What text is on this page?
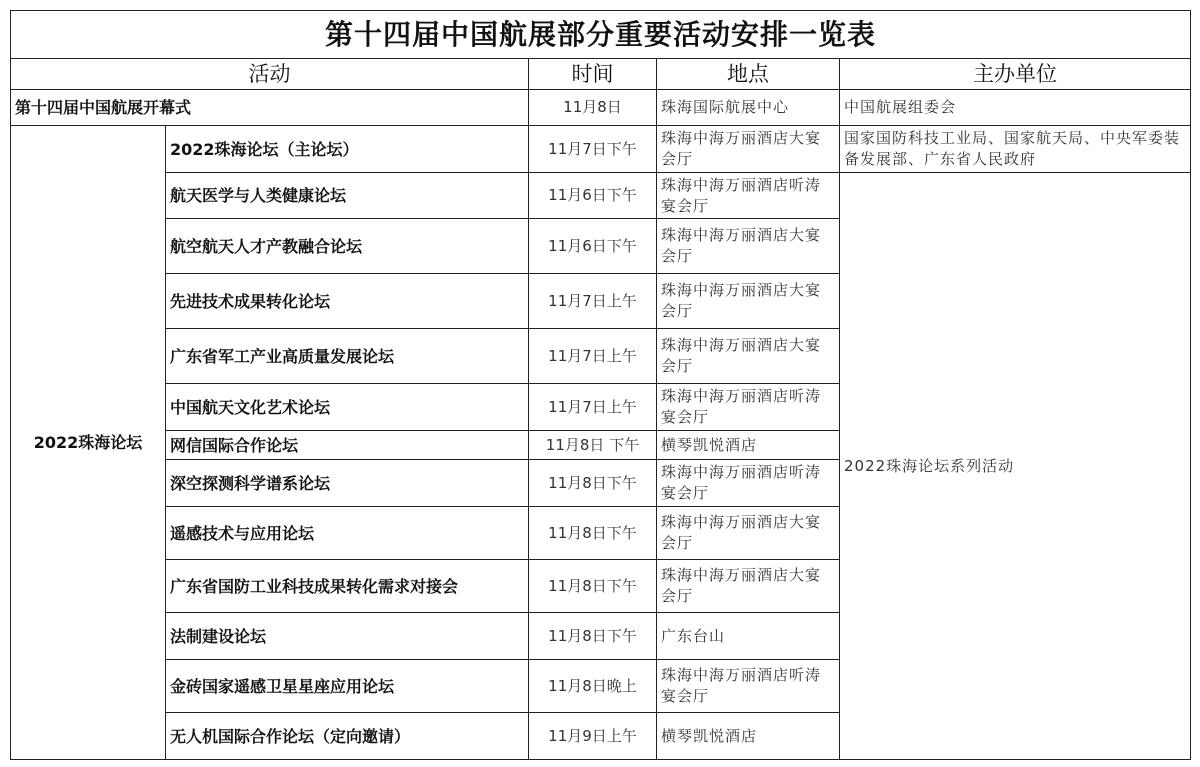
第十四届中国航展部分重要活动安排一览表				
活动		时间	地点	主办单位
第十四届中国航展开幕式		11月8日	珠海国际航展中心	中国航展组委会
2022珠海论坛	2022珠海论坛（主论坛）	11月7日下午	珠海中海万丽酒店大宴会厅	国家国防科技工业局、国家航天局、中央军委装备发展部、广东省人民政府
	航天医学与人类健康论坛	11月6日下午	珠海中海万丽酒店听涛宴会厅	2022珠海论坛系列活动
	航空航天人才产教融合论坛	11月6日下午	珠海中海万丽酒店大宴会厅	
	先进技术成果转化论坛	11月7日上午	珠海中海万丽酒店大宴会厅	
	广东省军工产业高质量发展论坛	11月7日上午	珠海中海万丽酒店大宴会厅	
	中国航天文化艺术论坛	11月7日上午	珠海中海万丽酒店听涛宴会厅	
	网信国际合作论坛	11月8日 下午	横琴凯悦酒店	
	深空探测科学谱系论坛	11月8日下午	珠海中海万丽酒店听涛宴会厅	
	遥感技术与应用论坛	11月8日下午	珠海中海万丽酒店大宴会厅	
	广东省国防工业科技成果转化需求对接会	11月8日下午	珠海中海万丽酒店大宴会厅	
	法制建设论坛	11月8日下午	广东台山	
	金砖国家遥感卫星星座应用论坛	11月8日晚上	珠海中海万丽酒店听涛宴会厅	
	无人机国际合作论坛（定向邀请）	11月9日上午	横琴凯悦酒店	
